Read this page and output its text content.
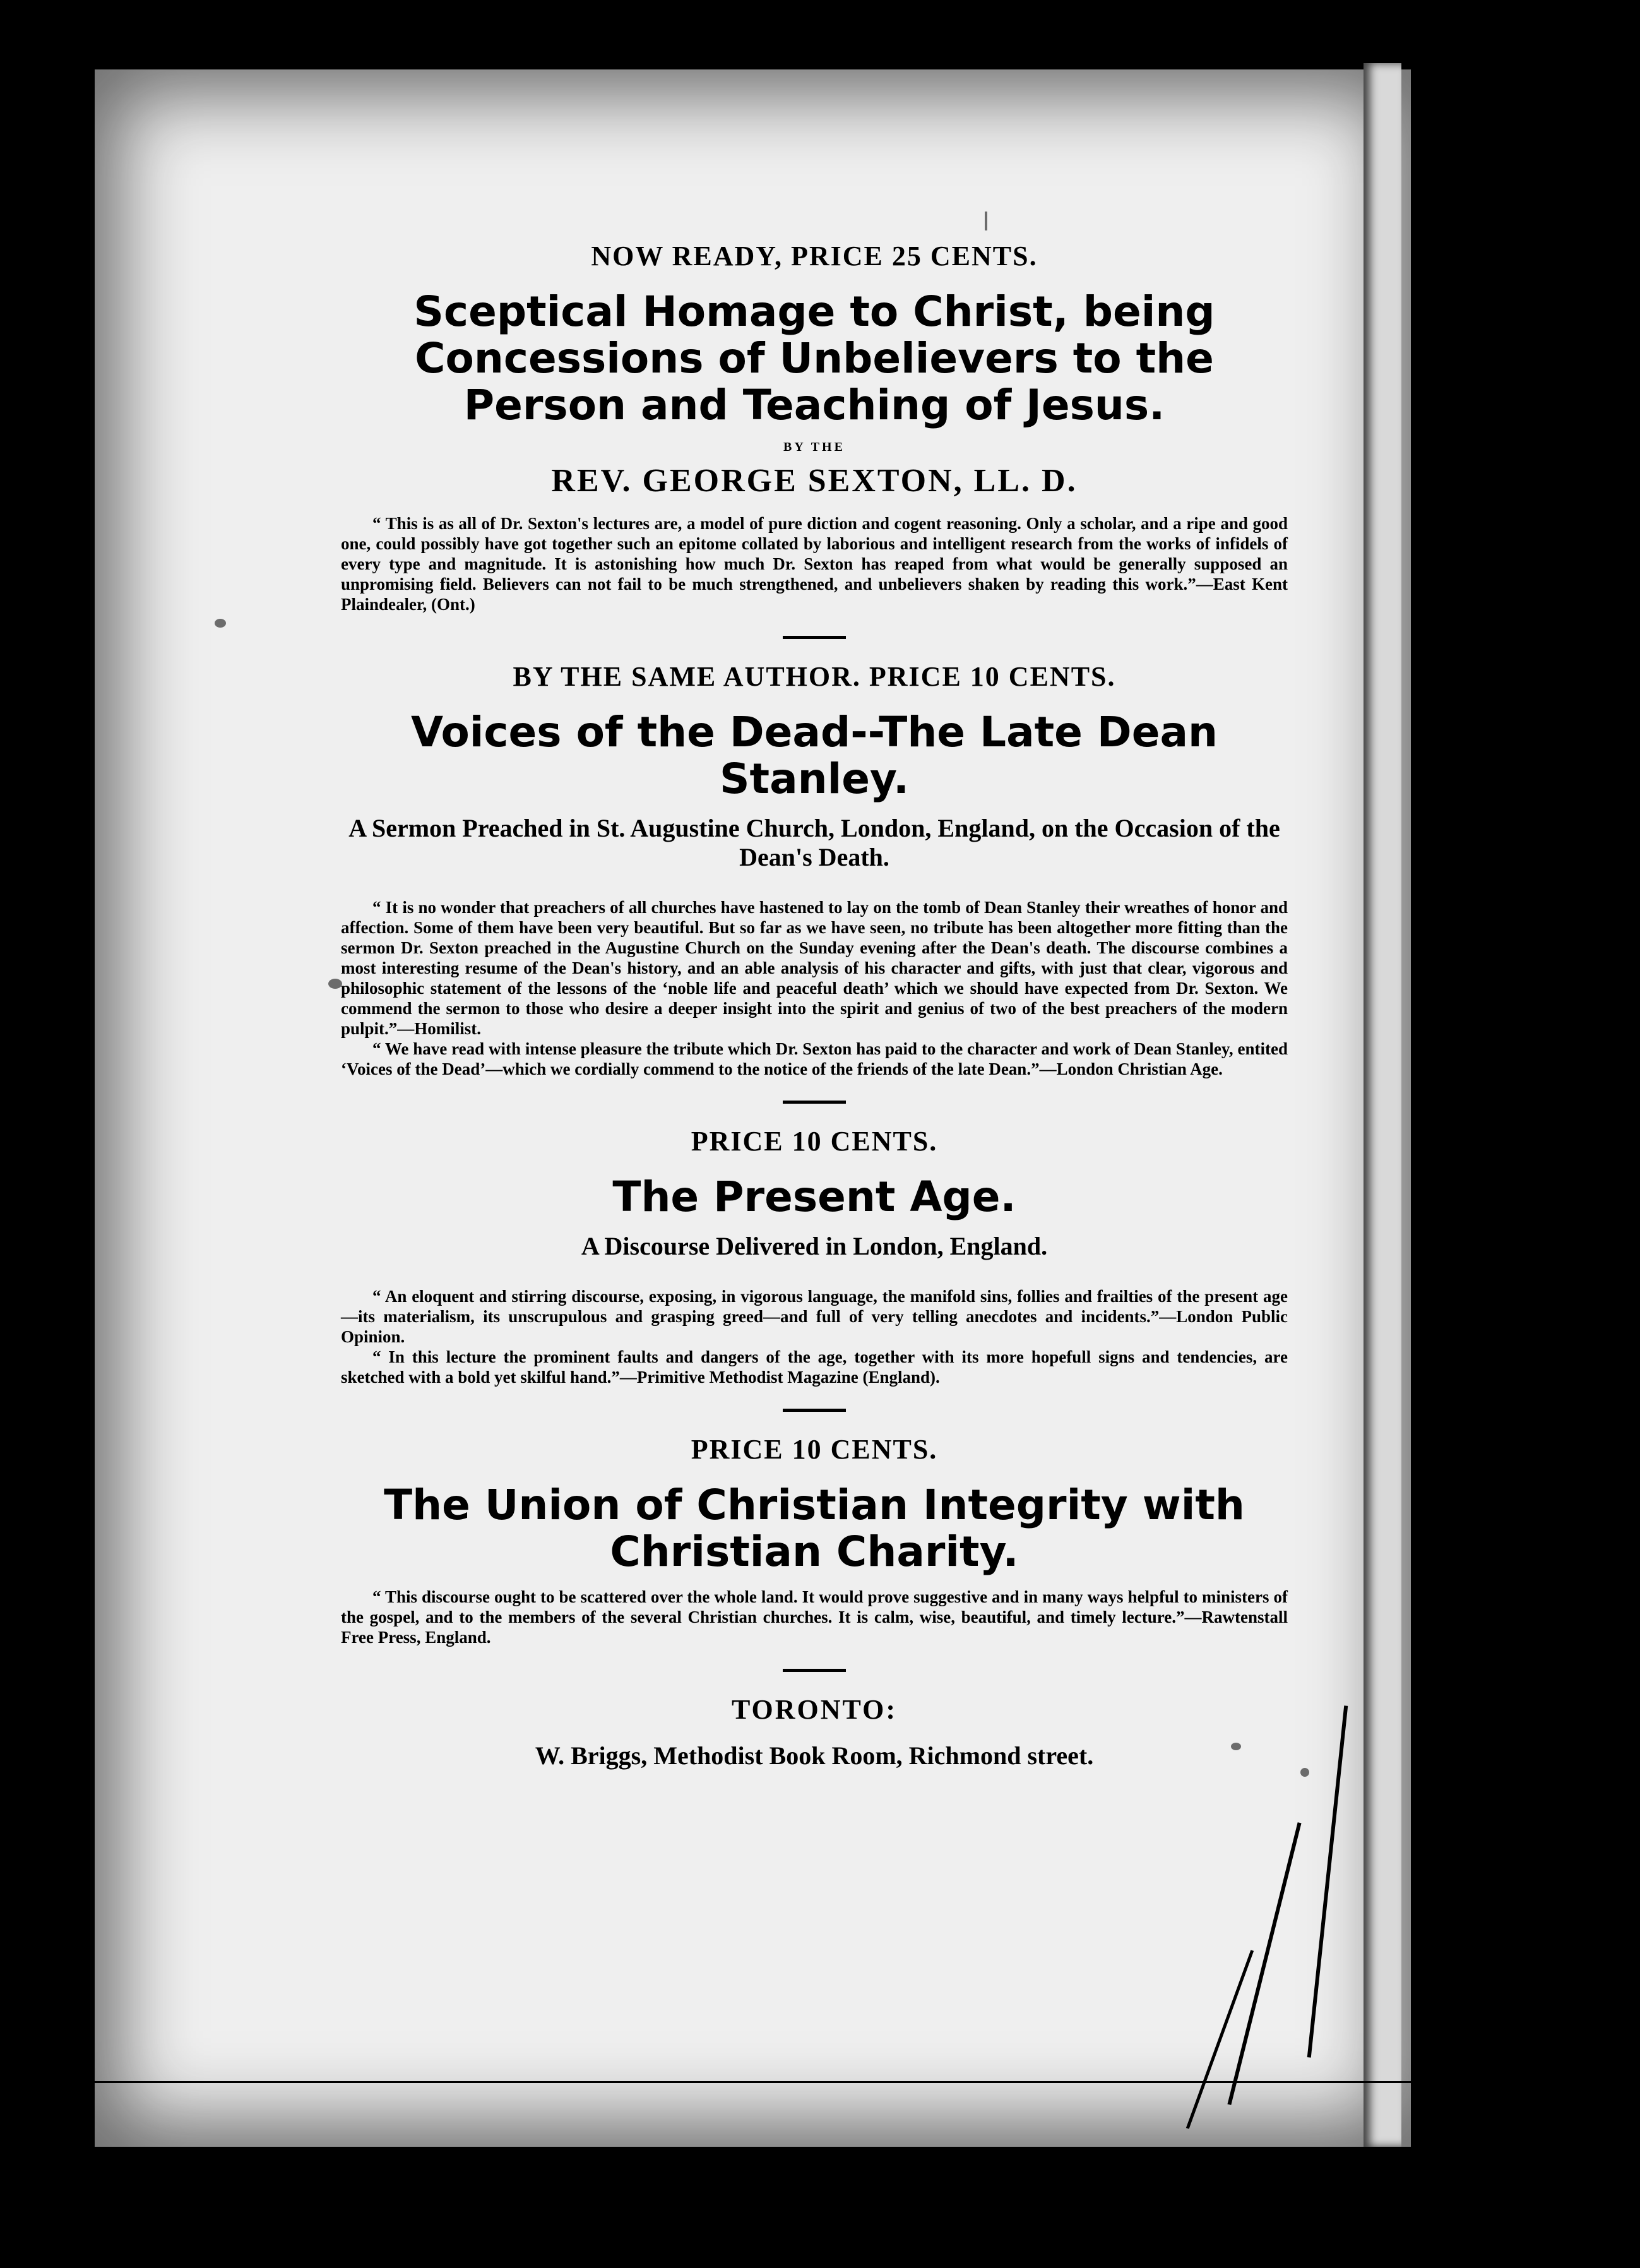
NOW READY, PRICE 25 CENTS.

Sceptical Homage to Christ, being Concessions of Unbelievers to the Person and Teaching of Jesus.

BY THE

REV. GEORGE SEXTON, LL. D.

“ This is as all of Dr. Sexton's lectures are, a model of pure diction and cogent reasoning. Only a scholar, and a ripe and good one, could possibly have got together such an epitome collated by laborious and intelligent research from the works of infidels of every type and magnitude. It is astonishing how much Dr. Sexton has reaped from what would be generally supposed an unpromising field. Believers can not fail to be much strengthened, and unbelievers shaken by reading this work.”—East Kent Plaindealer, (Ont.)

BY THE SAME AUTHOR. PRICE 10 CENTS.

Voices of the Dead--The Late Dean Stanley.

A Sermon Preached in St. Augustine Church, London, England, on the Occasion of the Dean's Death.

“ It is no wonder that preachers of all churches have hastened to lay on the tomb of Dean Stanley their wreathes of honor and affection. Some of them have been very beautiful. But so far as we have seen, no tribute has been altogether more fitting than the sermon Dr. Sexton preached in the Augustine Church on the Sunday evening after the Dean's death. The discourse combines a most interesting resume of the Dean's history, and an able analysis of his character and gifts, with just that clear, vigorous and philosophic statement of the lessons of the ‘noble life and peaceful death’ which we should have expected from Dr. Sexton. We commend the sermon to those who desire a deeper insight into the spirit and genius of two of the best preachers of the modern pulpit.”—Homilist.

“ We have read with intense pleasure the tribute which Dr. Sexton has paid to the character and work of Dean Stanley, entited ‘Voices of the Dead’—which we cordially commend to the notice of the friends of the late Dean.”—London Christian Age.

PRICE 10 CENTS.

The Present Age.

A Discourse Delivered in London, England.

“ An eloquent and stirring discourse, exposing, in vigorous language, the manifold sins, follies and frailties of the present age—its materialism, its unscrupulous and grasping greed—and full of very telling anecdotes and incidents.”—London Public Opinion.

“ In this lecture the prominent faults and dangers of the age, together with its more hopefull signs and tendencies, are sketched with a bold yet skilful hand.”—Primitive Methodist Magazine (England).

PRICE 10 CENTS.

The Union of Christian Integrity with Christian Charity.

“ This discourse ought to be scattered over the whole land. It would prove suggestive and in many ways helpful to ministers of the gospel, and to the members of the several Christian churches. It is calm, wise, beautiful, and timely lecture.”—Rawtenstall Free Press, England.

TORONTO:

W. Briggs, Methodist Book Room, Richmond street.
